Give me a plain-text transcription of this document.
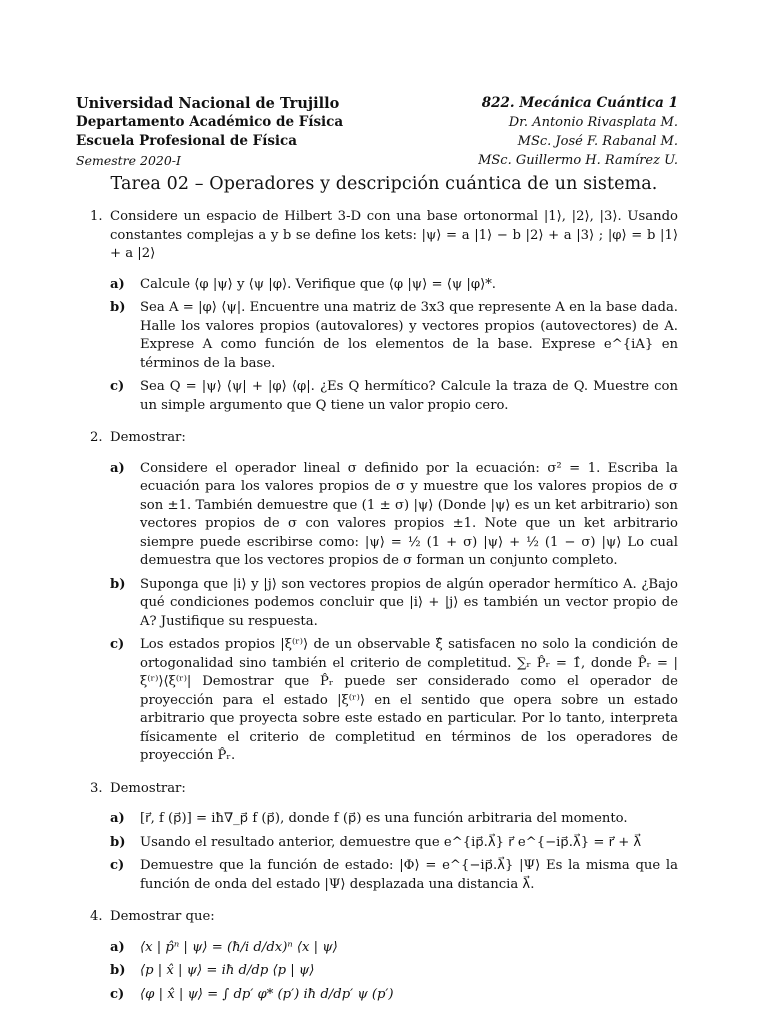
Universidad Nacional de Trujillo
Departamento Académico de Física
Escuela Profesional de Física
Semestre 2020-I
822. Mecánica Cuántica 1
Dr. Antonio Rivasplata M.
MSc. José F. Rabanal M.
MSc. Guillermo H. Ramírez U.
Tarea 02 – Operadores y descripción cuántica de un sistema.
1. Considere un espacio de Hilbert 3-D con una base ortonormal |1⟩, |2⟩, |3⟩. Usando constantes complejas a y b se define los kets: |ψ⟩ = a |1⟩ − b |2⟩ + a |3⟩ ; |φ⟩ = b |1⟩ + a |2⟩
a) Calcule ⟨φ |ψ⟩ y ⟨ψ |φ⟩. Verifique que ⟨φ |ψ⟩ = ⟨ψ |φ⟩*.
b) Sea A = |φ⟩ ⟨ψ|. Encuentre una matriz de 3x3 que represente A en la base dada. Halle los valores propios (autovalores) y vectores propios (autovectores) de A. Exprese A como función de los elementos de la base. Exprese e^{iA} en términos de la base.
c) Sea Q = |ψ⟩ ⟨ψ| + |φ⟩ ⟨φ|. ¿Es Q hermítico? Calcule la traza de Q. Muestre con un simple argumento que Q tiene un valor propio cero.
2. Demostrar:
a) Considere el operador lineal σ definido por la ecuación: σ² = 1. Escriba la ecuación para los valores propios de σ y muestre que los valores propios de σ son ±1. También demuestre que (1 ± σ) |ψ⟩ (Donde |ψ⟩ es un ket arbitrario) son vectores propios de σ con valores propios ±1. Note que un ket arbitrario siempre puede escribirse como: |ψ⟩ = ½ (1 + σ) |ψ⟩ + ½ (1 − σ) |ψ⟩ Lo cual demuestra que los vectores propios de σ forman un conjunto completo.
b) Suponga que |i⟩ y |j⟩ son vectores propios de algún operador hermítico A. ¿Bajo qué condiciones podemos concluir que |i⟩ + |j⟩ es también un vector propio de A? Justifique su respuesta.
c) Los estados propios |ξ⁽ʳ⁾⟩ de un observable ξ̂ satisfacen no solo la condición de ortogonalidad sino también el criterio de completitud. ∑ᵣ P̂ᵣ = 1̂, donde P̂ᵣ = |ξ⁽ʳ⁾⟩⟨ξ⁽ʳ⁾| Demostrar que P̂ᵣ puede ser considerado como el operador de proyección para el estado |ξ⁽ʳ⁾⟩ en el sentido que opera sobre un estado arbitrario que proyecta sobre este estado en particular. Por lo tanto, interpreta físicamente el criterio de completitud en términos de los operadores de proyección P̂ᵣ.
3. Demostrar:
a) [r⃗, f (p⃗)] = iħ∇_p⃗ f (p⃗), donde f (p⃗) es una función arbitraria del momento.
b) Usando el resultado anterior, demuestre que e^{ip⃗.λ⃗} r⃗ e^{−ip⃗.λ⃗} = r⃗ + λ⃗
c) Demuestre que la función de estado: |Φ⟩ = e^{−ip⃗.λ⃗} |Ψ⟩ Es la misma que la función de onda del estado |Ψ⟩ desplazada una distancia λ⃗.
4. Demostrar que:
a) ⟨x | p̂ⁿ | ψ⟩ = (ħ/i d/dx)ⁿ ⟨x | ψ⟩
b) ⟨p | x̂ | ψ⟩ = iħ d/dp ⟨p | ψ⟩
c) ⟨φ | x̂ | ψ⟩ = ∫ dp′ φ* (p′) iħ d/dp′ ψ (p′)
